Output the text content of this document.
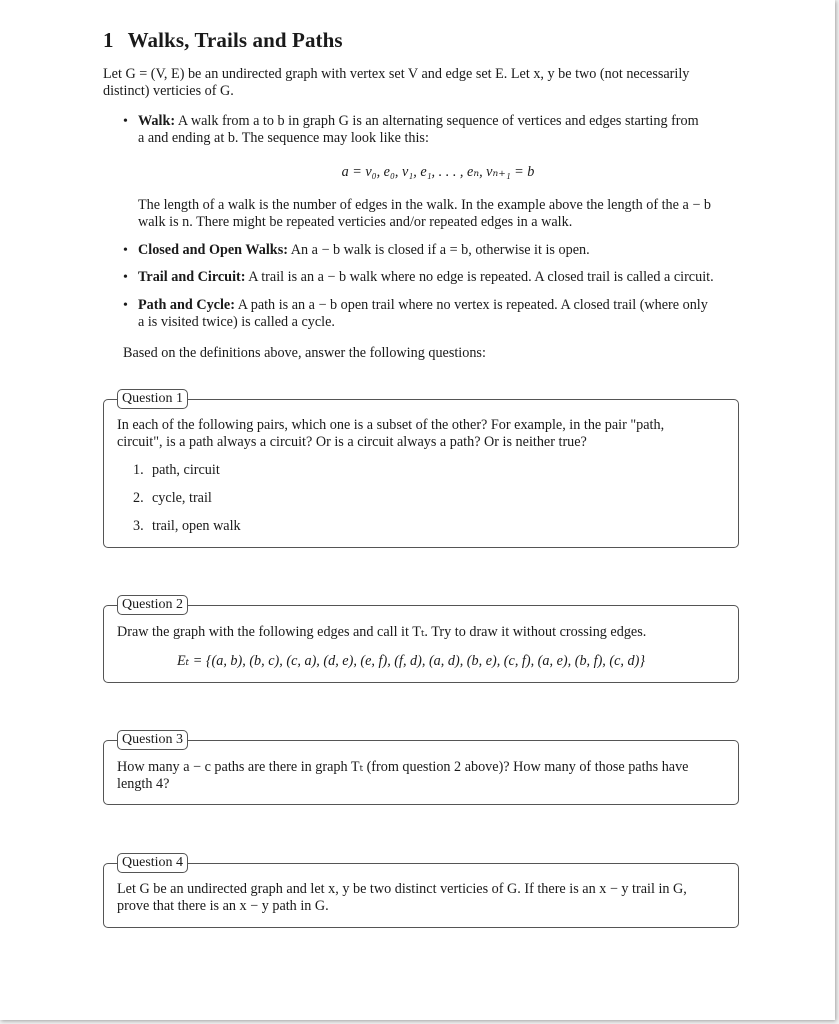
1 Walks, Trails and Paths
Let G = (V, E) be an undirected graph with vertex set V and edge set E. Let x, y be two (not necessarily
distinct) verticies of G.
• Walk: A walk from a to b in graph G is an alternating sequence of vertices and edges starting from
a and ending at b. The sequence may look like this:
a = v₀, e₀, v₁, e₁, . . . , eₙ, vₙ₊₁ = b
The length of a walk is the number of edges in the walk. In the example above the length of the a − b
walk is n. There might be repeated verticies and/or repeated edges in a walk.
• Closed and Open Walks: An a − b walk is closed if a = b, otherwise it is open.
• Trail and Circuit: A trail is an a − b walk where no edge is repeated. A closed trail is called a circuit.
• Path and Cycle: A path is an a − b open trail where no vertex is repeated. A closed trail (where only
a is visited twice) is called a cycle.
Based on the definitions above, answer the following questions:
Question 1
In each of the following pairs, which one is a subset of the other? For example, in the pair "path,
circuit", is a path always a circuit? Or is a circuit always a path? Or is neither true?
1. path, circuit
2. cycle, trail
3. trail, open walk
Question 2
Draw the graph with the following edges and call it Tₜ. Try to draw it without crossing edges.
Eₜ = {(a, b), (b, c), (c, a), (d, e), (e, f), (f, d), (a, d), (b, e), (c, f), (a, e), (b, f), (c, d)}
Question 3
How many a − c paths are there in graph Tₜ (from question 2 above)? How many of those paths have
length 4?
Question 4
Let G be an undirected graph and let x, y be two distinct verticies of G. If there is an x − y trail in G,
prove that there is an x − y path in G.
